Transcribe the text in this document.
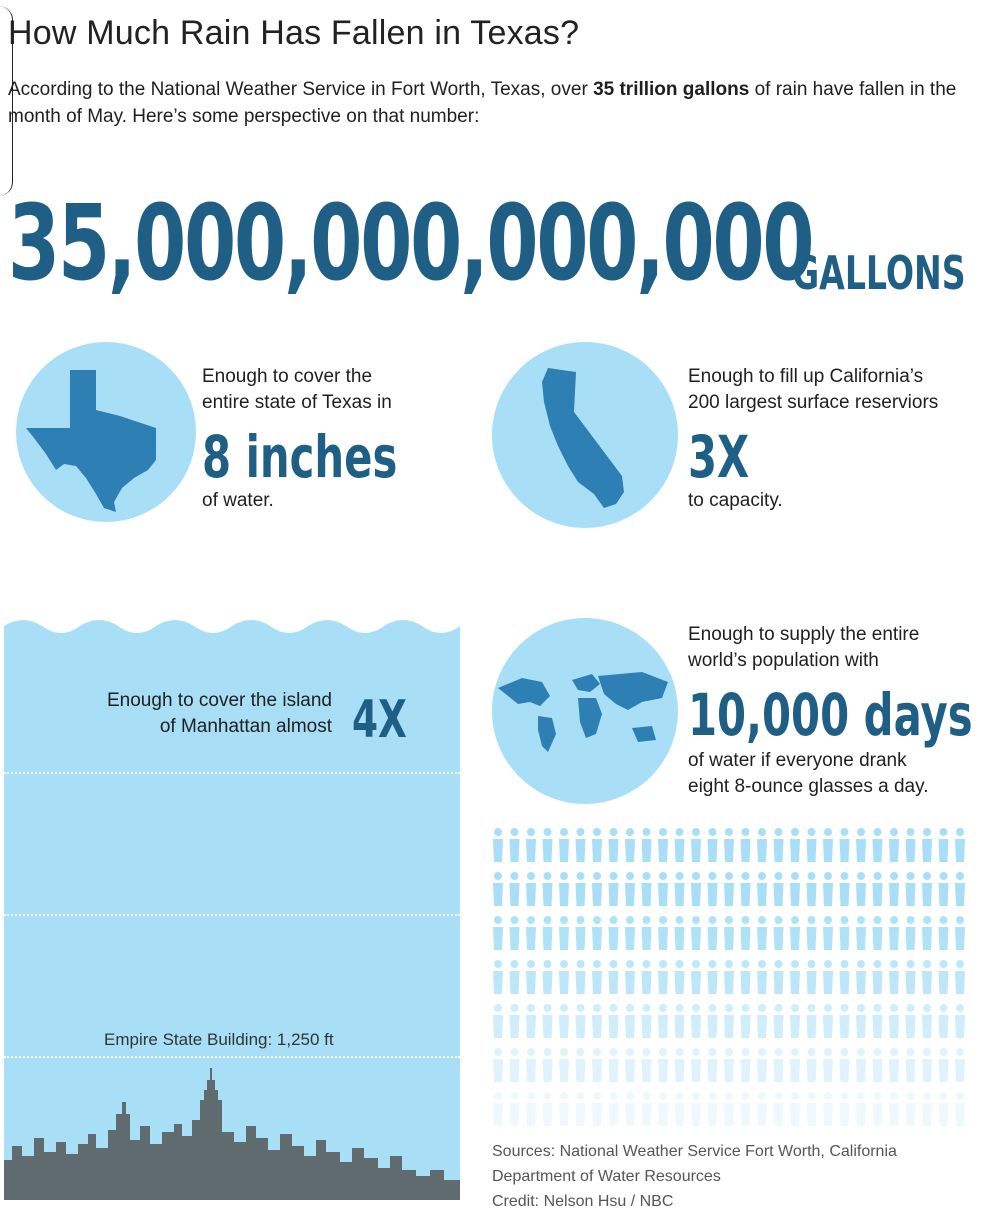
How Much Rain Has Fallen in Texas?

According to the National Weather Service in Fort Worth, Texas, over 35 trillion gallons of rain have fallen in the month of May. Here’s some perspective on that number:

35,000,000,000,000
GALLONS
Enough to cover the
entire state of Texas in
8 inches
of water.
Enough to fill up California’s
200 largest surface reserviors
3X
to capacity.
Enough to cover the island
of Manhattan almost 4X
Empire State Building: 1,250 ft
Enough to supply the entire
world’s population with
10,000 days
of water if everyone drank
eight 8-ounce glasses a day.
Sources: National Weather Service Fort Worth, California
Department of Water Resources
Credit: Nelson Hsu / NBC
